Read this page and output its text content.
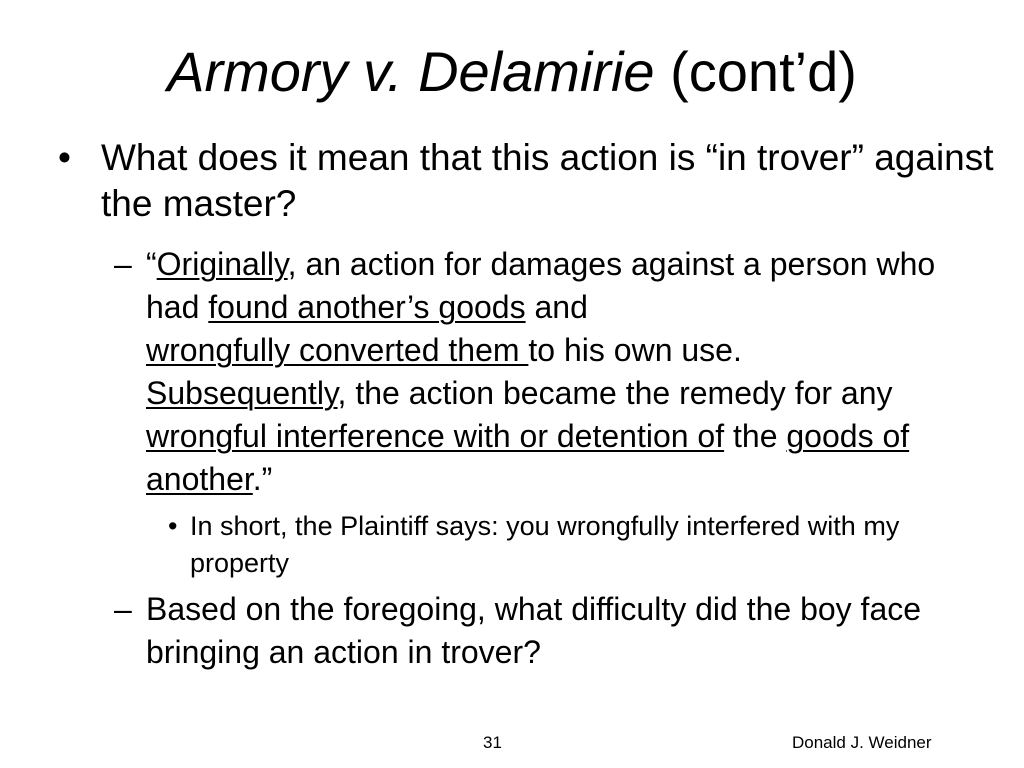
Armory v. Delamirie (cont’d)
• What does it mean that this action is “in trover” against the master?
– “Originally, an action for damages against a person who had found another’s goods and
wrongfully converted them to his own use.
Subsequently, the action became the remedy for any wrongful interference with or detention of the goods of another.”
• In short, the Plaintiff says: you wrongfully interfered with my property
– Based on the foregoing, what difficulty did the boy face bringing an action in trover?
31	Donald J. Weidner
